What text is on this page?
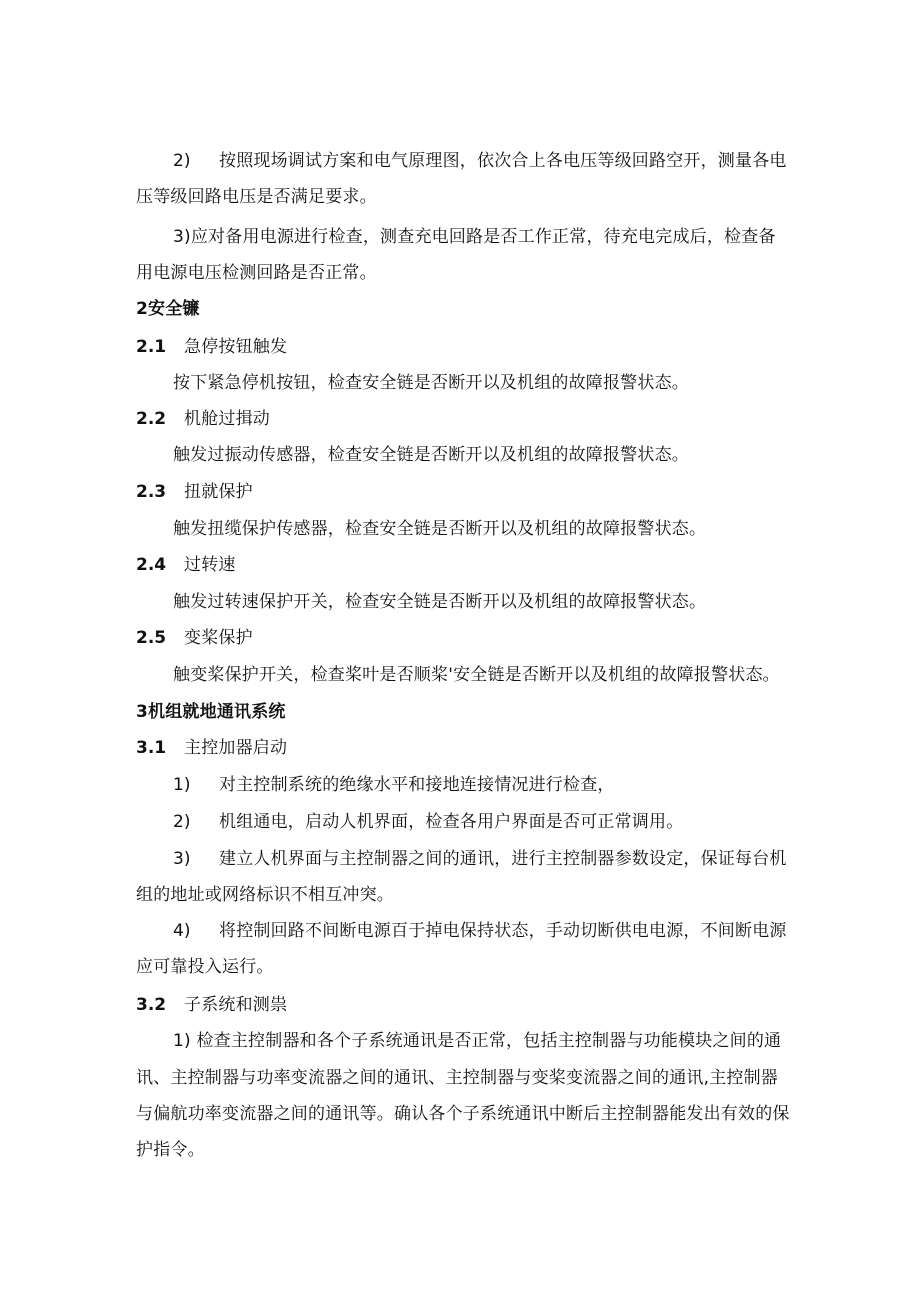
2) 按照现场调试方案和电气原理图，依次合上各电压等级回路空开，测量各电
压等级回路电压是否满足要求。
3)应对备用电源进行检查，测查充电回路是否工作正常，待充电完成后，检查备
用电源电压检测回路是否正常。
2安全镰
2.1 急停按钮触发
按下紧急停机按钮，检查安全链是否断开以及机组的故障报警状态。
2.2 机舱过揖动
触发过振动传感器，检查安全链是否断开以及机组的故障报警状态。
2.3 扭就保护
触发扭缆保护传感器，检查安全链是否断开以及机组的故障报警状态。
2.4 过转速
触发过转速保护开关，检查安全链是否断开以及机组的故障报警状态。
2.5 变桨保护
触变桨保护开关，检查桨叶是否顺桨'安全链是否断开以及机组的故障报警状态。
3机组就地通讯系统
3.1 主控加器启动
1) 对主控制系统的绝缘水平和接地连接情况进行检查，
2) 机组通电，启动人机界面，检查各用户界面是否可正常调用。
3) 建立人机界面与主控制器之间的通讯，进行主控制器参数设定，保证每台机
组的地址或网络标识不相互冲突。
4) 将控制回路不间断电源百于掉电保持状态，手动切断供电电源，不间断电源
应可靠投入运行。
3.2 子系统和测祟
1) 检查主控制器和各个子系统通讯是否正常，包括主控制器与功能模块之间的通
讯、主控制器与功率变流器之间的通讯、主控制器与变桨变流器之间的通讯,主控制器
与偏航功率变流器之间的通讯等。确认各个子系统通讯中断后主控制器能发出有效的保
护指令。
